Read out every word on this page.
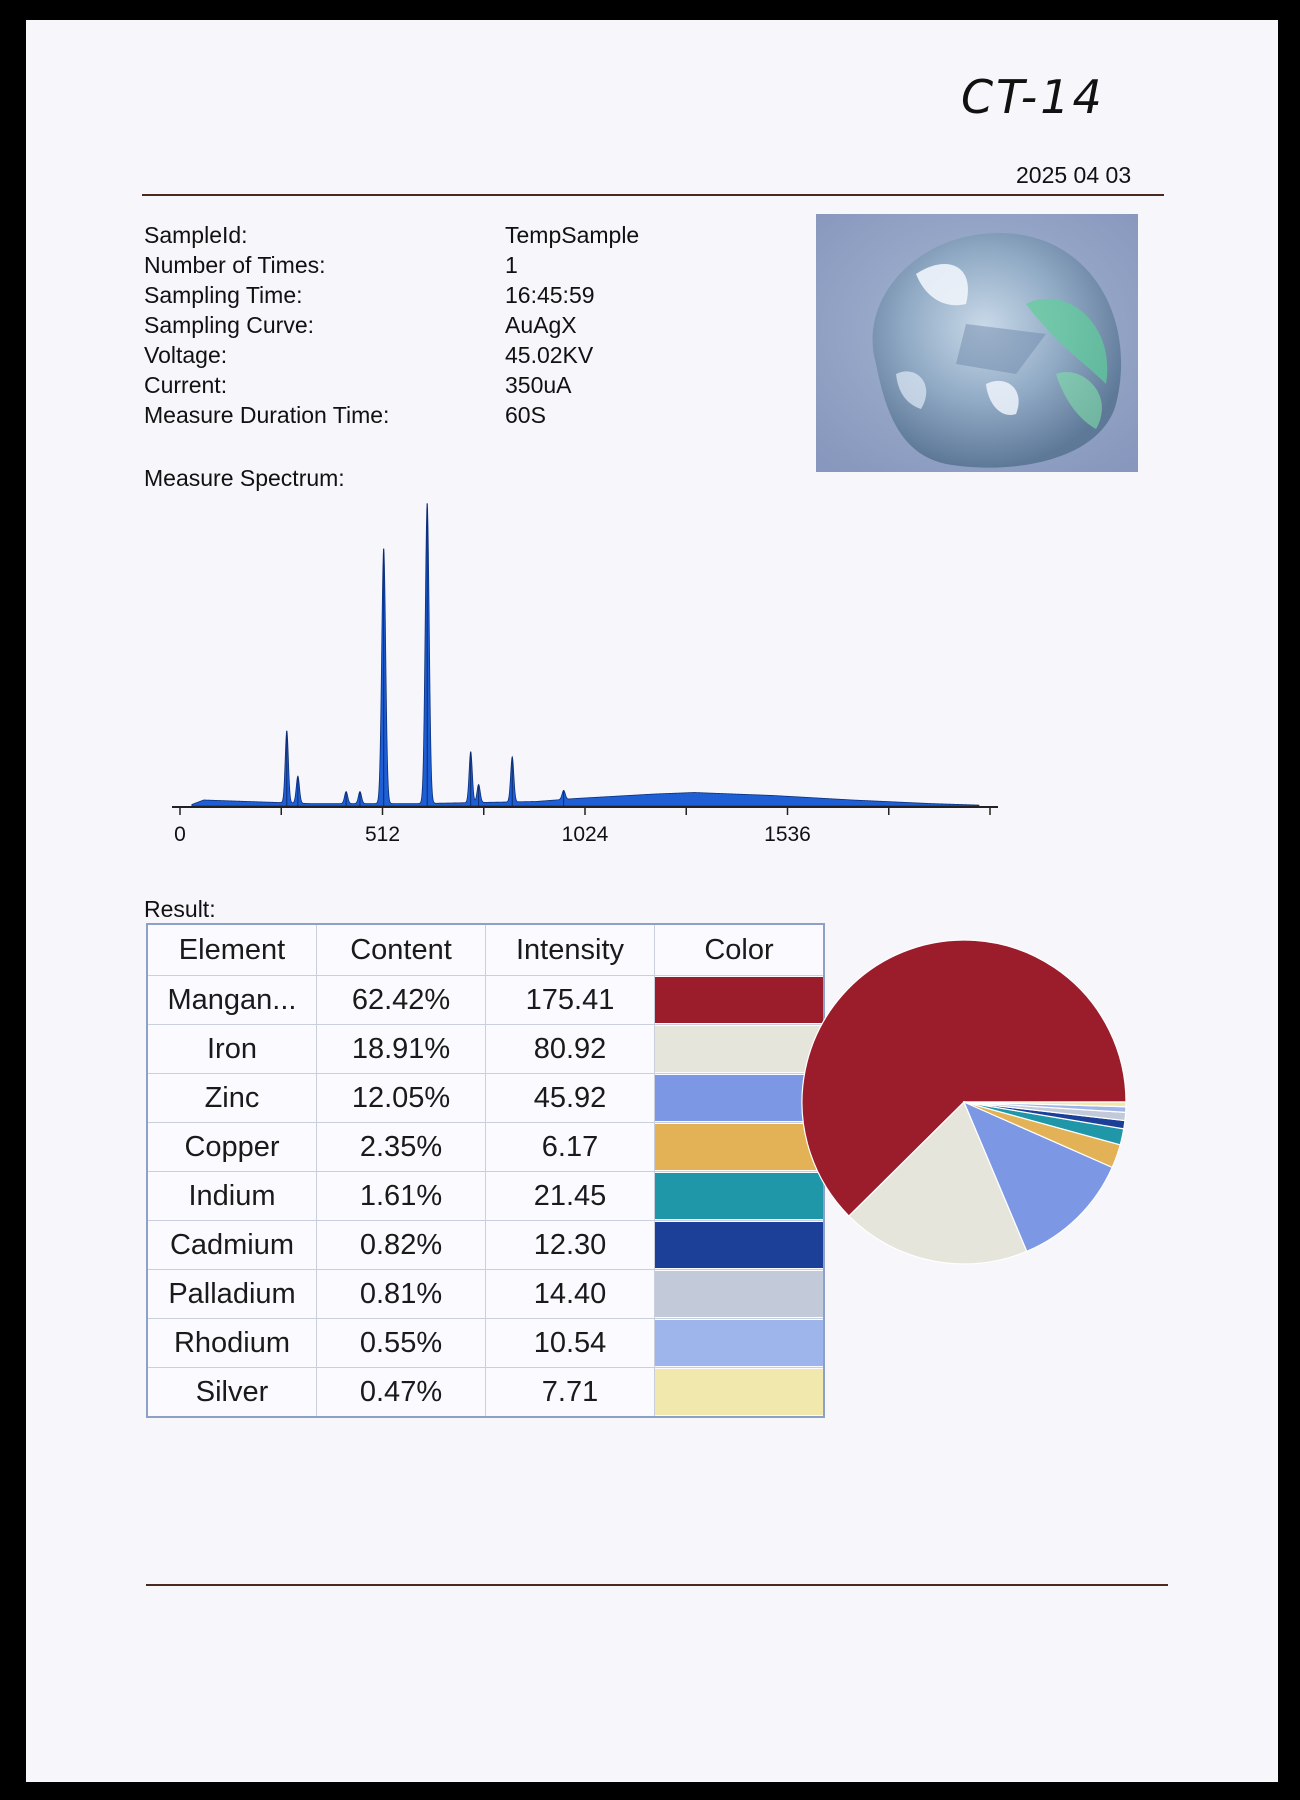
CT-14
2025 04 03
SampleId:	TempSample
Number of Times:	1
Sampling Time:	16:45:59
Sampling Curve:	AuAgX
Voltage:	45.02KV
Current:	350uA
Measure Duration Time:	60S
Measure Spectrum:
0	512	1024	1536
Result:
Element	Content	Intensity	Color
Mangan...	62.42%	175.41	

Iron	18.91%	80.92	

Zinc	12.05%	45.92	

Copper	2.35%	6.17	

Indium	1.61%	21.45	

Cadmium	0.82%	12.30	

Palladium	0.81%	14.40	

Rhodium	0.55%	10.54	

Silver	0.47%	7.71	
